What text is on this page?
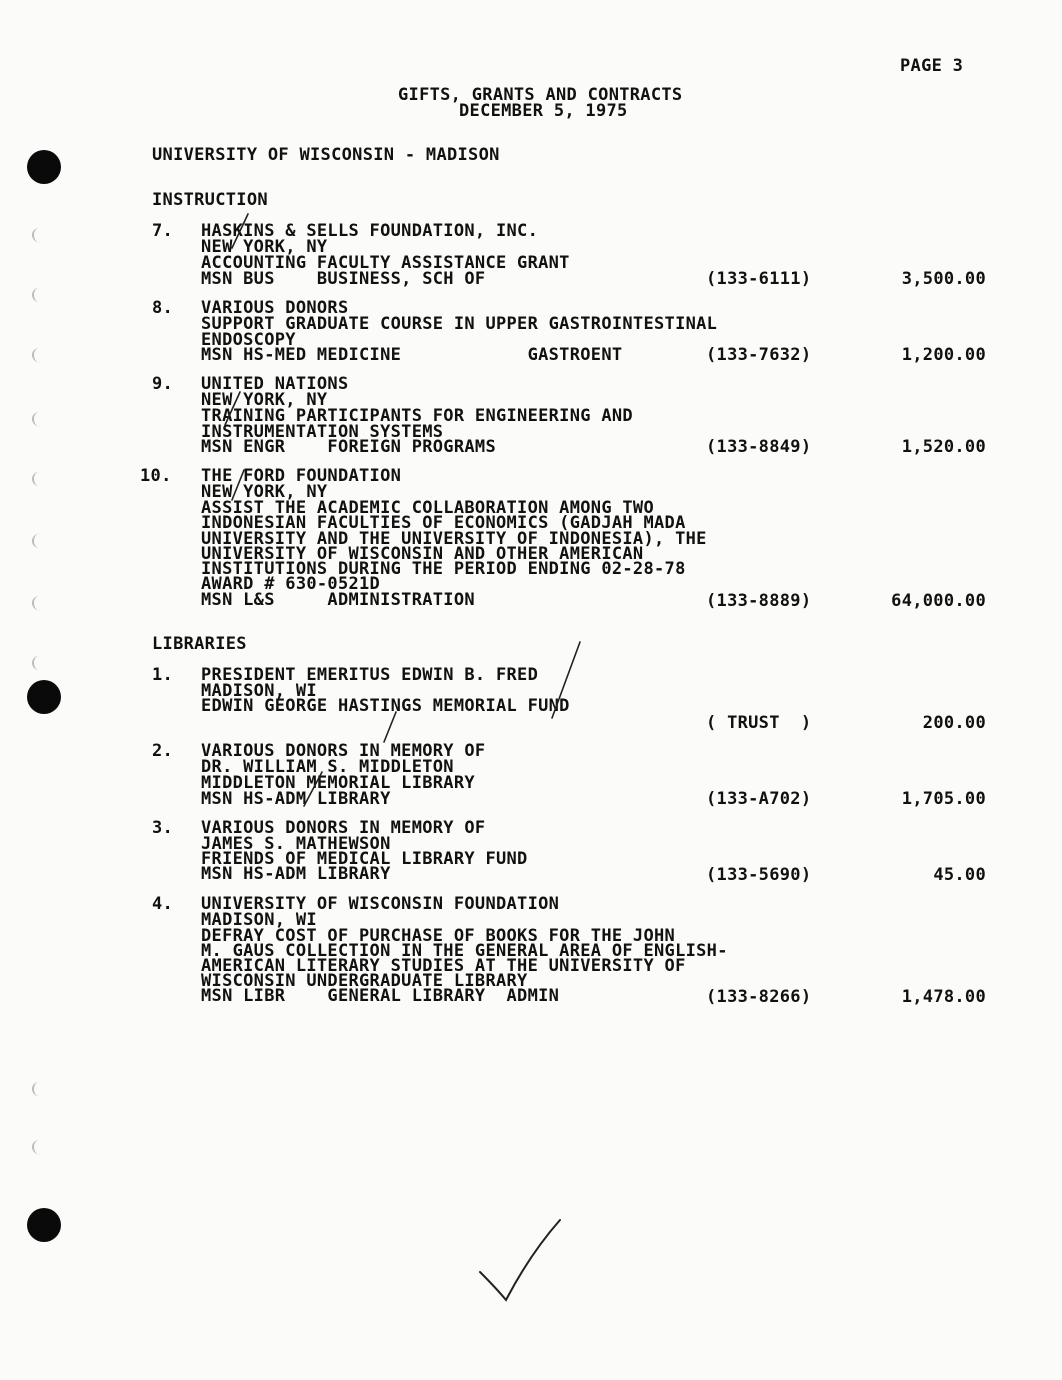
PAGE 3
GIFTS, GRANTS AND CONTRACTS
DECEMBER 5, 1975
UNIVERSITY OF WISCONSIN - MADISON
INSTRUCTION
7. HASKINS & SELLS FOUNDATION, INC.
NEW YORK, NY
ACCOUNTING FACULTY ASSISTANCE GRANT
MSN BUS    BUSINESS, SCH OF	(133-6111)	3,500.00
8. VARIOUS DONORS
SUPPORT GRADUATE COURSE IN UPPER GASTROINTESTINAL
ENDOSCOPY
MSN HS-MED MEDICINE            GASTROENT	(133-7632)	1,200.00
9. UNITED NATIONS
NEW YORK, NY
TRAINING PARTICIPANTS FOR ENGINEERING AND
INSTRUMENTATION SYSTEMS
MSN ENGR    FOREIGN PROGRAMS	(133-8849)	1,520.00
10. THE FORD FOUNDATION
NEW YORK, NY
ASSIST THE ACADEMIC COLLABORATION AMONG TWO
INDONESIAN FACULTIES OF ECONOMICS (GADJAH MADA
UNIVERSITY AND THE UNIVERSITY OF INDONESIA), THE
UNIVERSITY OF WISCONSIN AND OTHER AMERICAN
INSTITUTIONS DURING THE PERIOD ENDING 02-28-78
AWARD # 630-0521D
MSN L&S     ADMINISTRATION	(133-8889)	64,000.00
LIBRARIES
1. PRESIDENT EMERITUS EDWIN B. FRED
MADISON, WI
EDWIN GEORGE HASTINGS MEMORIAL FUND
( TRUST  )	200.00
2. VARIOUS DONORS IN MEMORY OF
DR. WILLIAM S. MIDDLETON
MIDDLETON MEMORIAL LIBRARY
MSN HS-ADM LIBRARY	(133-A702)	1,705.00
3. VARIOUS DONORS IN MEMORY OF
JAMES S. MATHEWSON
FRIENDS OF MEDICAL LIBRARY FUND
MSN HS-ADM LIBRARY	(133-5690)	45.00
4. UNIVERSITY OF WISCONSIN FOUNDATION
MADISON, WI
DEFRAY COST OF PURCHASE OF BOOKS FOR THE JOHN
M. GAUS COLLECTION IN THE GENERAL AREA OF ENGLISH-
AMERICAN LITERARY STUDIES AT THE UNIVERSITY OF
WISCONSIN UNDERGRADUATE LIBRARY
MSN LIBR    GENERAL LIBRARY  ADMIN	(133-8266)	1,478.00
